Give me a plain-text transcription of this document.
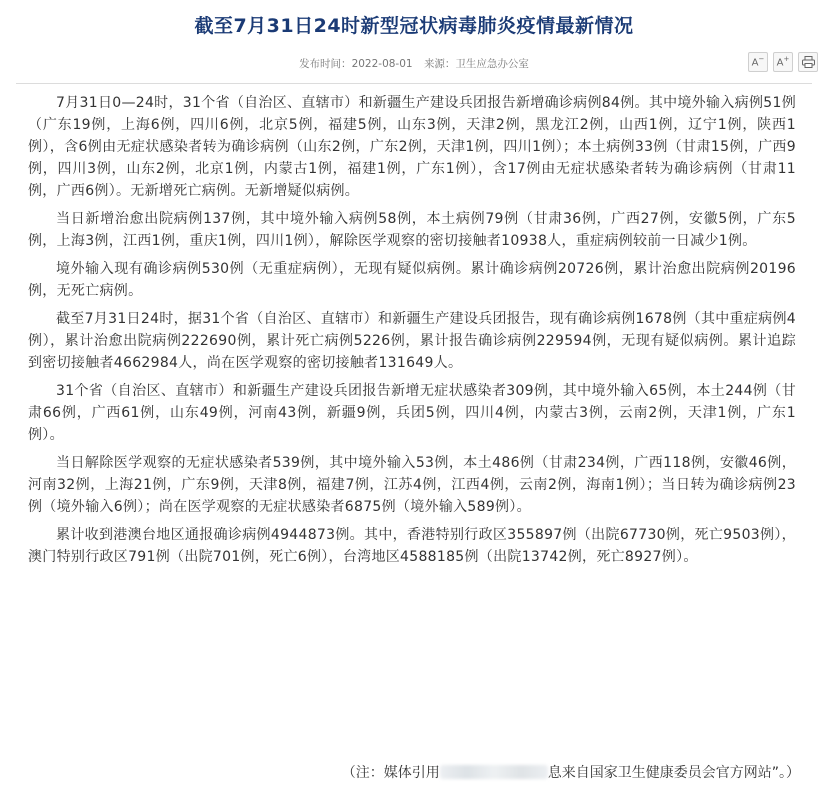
截至7月31日24时新型冠状病毒肺炎疫情最新情况
发布时间：2022-08-01 来源：卫生应急办公室	A− A+

7月31日0—24时，31个省（自治区、直辖市）和新疆生产建设兵团报告新增确诊病例84例。其中境外输入病例51例（广东19例，上海6例，四川6例，北京5例，福建5例，山东3例，天津2例，黑龙江2例，山西1例，辽宁1例，陕西1例），含6例由无症状感染者转为确诊病例（山东2例，广东2例，天津1例，四川1例）；本土病例33例（甘肃15例，广西9例，四川3例，山东2例，北京1例，内蒙古1例，福建1例，广东1例），含17例由无症状感染者转为确诊病例（甘肃11例，广西6例）。无新增死亡病例。无新增疑似病例。

当日新增治愈出院病例137例，其中境外输入病例58例，本土病例79例（甘肃36例，广西27例，安徽5例，广东5例，上海3例，江西1例，重庆1例，四川1例），解除医学观察的密切接触者10938人，重症病例较前一日减少1例。

境外输入现有确诊病例530例（无重症病例），无现有疑似病例。累计确诊病例20726例，累计治愈出院病例20196例，无死亡病例。

截至7月31日24时，据31个省（自治区、直辖市）和新疆生产建设兵团报告，现有确诊病例1678例（其中重症病例4例），累计治愈出院病例222690例，累计死亡病例5226例，累计报告确诊病例229594例，无现有疑似病例。累计追踪到密切接触者4662984人，尚在医学观察的密切接触者131649人。

31个省（自治区、直辖市）和新疆生产建设兵团报告新增无症状感染者309例，其中境外输入65例，本土244例（甘肃66例，广西61例，山东49例，河南43例，新疆9例，兵团5例，四川4例，内蒙古3例，云南2例，天津1例，广东1例）。

当日解除医学观察的无症状感染者539例，其中境外输入53例，本土486例（甘肃234例，广西118例，安徽46例，河南32例，上海21例，广东9例，天津8例，福建7例，江苏4例，江西4例，云南2例，海南1例）；当日转为确诊病例23例（境外输入6例）；尚在医学观察的无症状感染者6875例（境外输入589例）。

累计收到港澳台地区通报确诊病例4944873例。其中，香港特别行政区355897例（出院67730例，死亡9503例），澳门特别行政区791例（出院701例，死亡6例），台湾地区4588185例（出院13742例，死亡8927例）。

（注：媒体引用	息来自国家卫生健康委员会官方网站”。）
